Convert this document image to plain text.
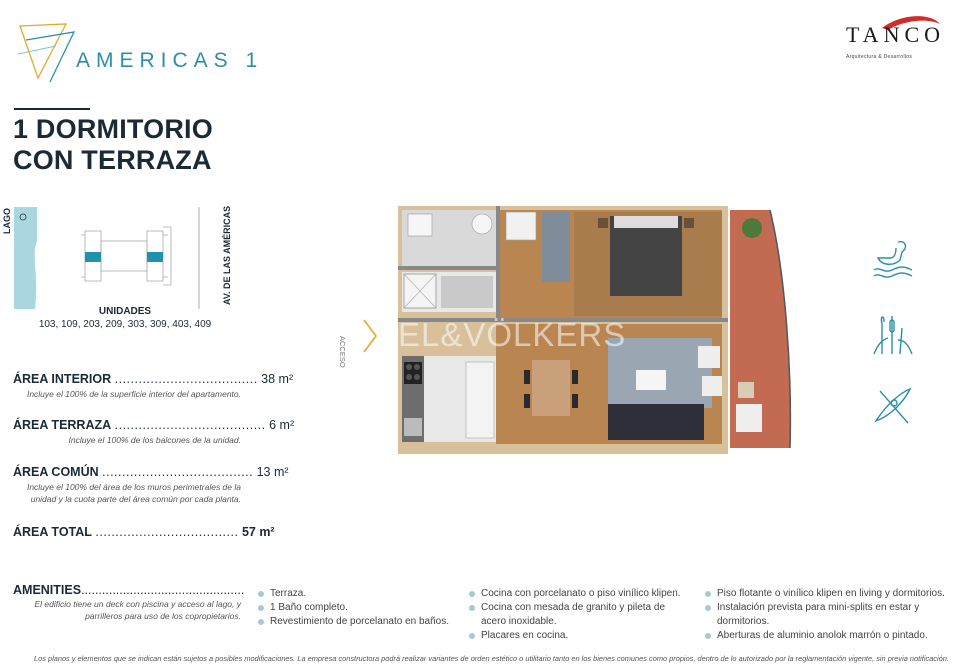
AMERICAS 1
TANCO
Arquitectura & Desarrollos
1 DORMITORIO
CON TERRAZA
LAGO	AV. DE LAS AMÉRICAS
UNIDADES
103, 109, 203, 209, 303, 309, 403, 409
ÁREA INTERIOR
....................................
38 m²
Incluye el 100% de la superficie interior del apartamento.
ÁREA TERRAZA
......................................
6 m²
Incluye el 100% de los balcones de la unidad.
ÁREA COMÚN
......................................
13 m²
Incluye el 100% del área de los muros perimetrales de la unidad y la cuota parte del área común por cada planta.
ÁREA TOTAL
....................................
57 m²
EL&VÖLKERS
ACCESO
AMENITIES ...............................................
El edificio tiene un deck con piscina y acceso al lago, y parrilleros para uso de los copropietarios.
Terraza.
1 Baño completo.
Revestimiento de porcelanato en baños.
Cocina con porcelanato o piso vinílico klipen.
Cocina con mesada de granito y pileta de acero inoxidable.
Placares en cocina.
Piso flotante o vinílico klipen en living y dormitorios.
Instalación prevista para mini-splits en estar y dormitorios.
Aberturas de aluminio anolok marrón o pintado.
Los planos y elementos que se indican están sujetos a posibles modificaciones. La empresa constructora podrá realizar variantes de orden estético o utilitario tanto en los bienes comunes como propios, dentro de lo autorizado por la reglamentación vigente, sin previa notificación.
